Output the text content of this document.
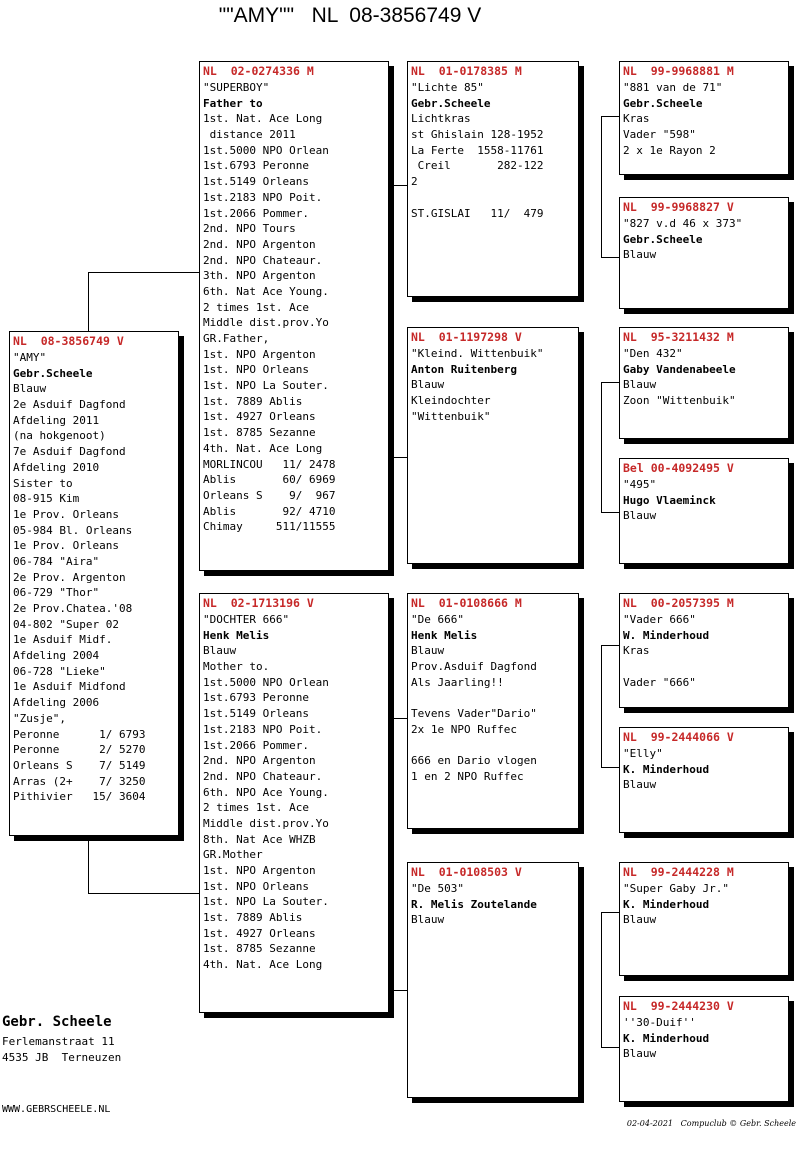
""AMY""   NL  08-3856749 V
NL  08-3856749 V
"AMY"
Gebr.Scheele
Blauw
2e Asduif Dagfond
Afdeling 2011
(na hokgenoot)
7e Asduif Dagfond
Afdeling 2010
Sister to
08-915 Kim
1e Prov. Orleans
05-984 Bl. Orleans
1e Prov. Orleans
06-784 "Aira"
2e Prov. Argenton
06-729 "Thor"
2e Prov.Chatea.'08
04-802 "Super 02
1e Asduif Midf.
Afdeling 2004
06-728 "Lieke"
1e Asduif Midfond
Afdeling 2006
"Zusje",
Peronne      1/ 6793
Peronne      2/ 5270
Orleans S    7/ 5149
Arras (2+    7/ 3250
Pithivier   15/ 3604
NL  02-0274336 M
"SUPERBOY"
Father to
1st. Nat. Ace Long
distance 2011
1st.5000 NPO Orlean
1st.6793 Peronne
1st.5149 Orleans
1st.2183 NPO Poit.
1st.2066 Pommer.
2nd. NPO Tours
2nd. NPO Argenton
2nd. NPO Chateaur.
3th. NPO Argenton
6th. Nat Ace Young.
2 times 1st. Ace
Middle dist.prov.Yo
GR.Father,
1st. NPO Argenton
1st. NPO Orleans
1st. NPO La Souter.
1st. 7889 Ablis
1st. 4927 Orleans
1st. 8785 Sezanne
4th. Nat. Ace Long
MORLINCOU   11/ 2478
Ablis       60/ 6969
Orleans S    9/  967
Ablis       92/ 4710
Chimay     511/11555
NL  02-1713196 V
"DOCHTER 666"
Henk Melis
Blauw
Mother to.
1st.5000 NPO Orlean
1st.6793 Peronne
1st.5149 Orleans
1st.2183 NPO Poit.
1st.2066 Pommer.
2nd. NPO Argenton
2nd. NPO Chateaur.
6th. NPO Ace Young.
2 times 1st. Ace
Middle dist.prov.Yo
8th. Nat Ace WHZB
GR.Mother
1st. NPO Argenton
1st. NPO Orleans
1st. NPO La Souter.
1st. 7889 Ablis
1st. 4927 Orleans
1st. 8785 Sezanne
4th. Nat. Ace Long
NL  01-0178385 M
"Lichte 85"
Gebr.Scheele
Lichtkras
st Ghislain 128-1952
La Ferte  1558-11761
Creil       282-122
2
ST.GISLAI   11/  479
NL  01-1197298 V
"Kleind. Wittenbuik"
Anton Ruitenberg
Blauw
Kleindochter
"Wittenbuik"
NL  01-0108666 M
"De 666"
Henk Melis
Blauw
Prov.Asduif Dagfond
Als Jaarling!!
Tevens Vader"Dario"
2x 1e NPO Ruffec
666 en Dario vlogen
1 en 2 NPO Ruffec
NL  01-0108503 V
"De 503"
R. Melis Zoutelande
Blauw
NL  99-9968881 M
"881 van de 71"
Gebr.Scheele
Kras
Vader "598"
2 x 1e Rayon 2
NL  99-9968827 V
"827 v.d 46 x 373"
Gebr.Scheele
Blauw
NL  95-3211432 M
"Den 432"
Gaby Vandenabeele
Blauw
Zoon "Wittenbuik"
Bel 00-4092495 V
"495"
Hugo Vlaeminck
Blauw
NL  00-2057395 M
"Vader 666"
W. Minderhoud
Kras
Vader "666"
NL  99-2444066 V
"Elly"
K. Minderhoud
Blauw
NL  99-2444228 M
"Super Gaby Jr."
K. Minderhoud
Blauw
NL  99-2444230 V
''30-Duif''
K. Minderhoud
Blauw
Gebr. Scheele
Ferlemanstraat 11
4535 JB  Terneuzen
WWW.GEBRSCHEELE.NL
02-04-2021 Compuclub © Gebr. Scheele
